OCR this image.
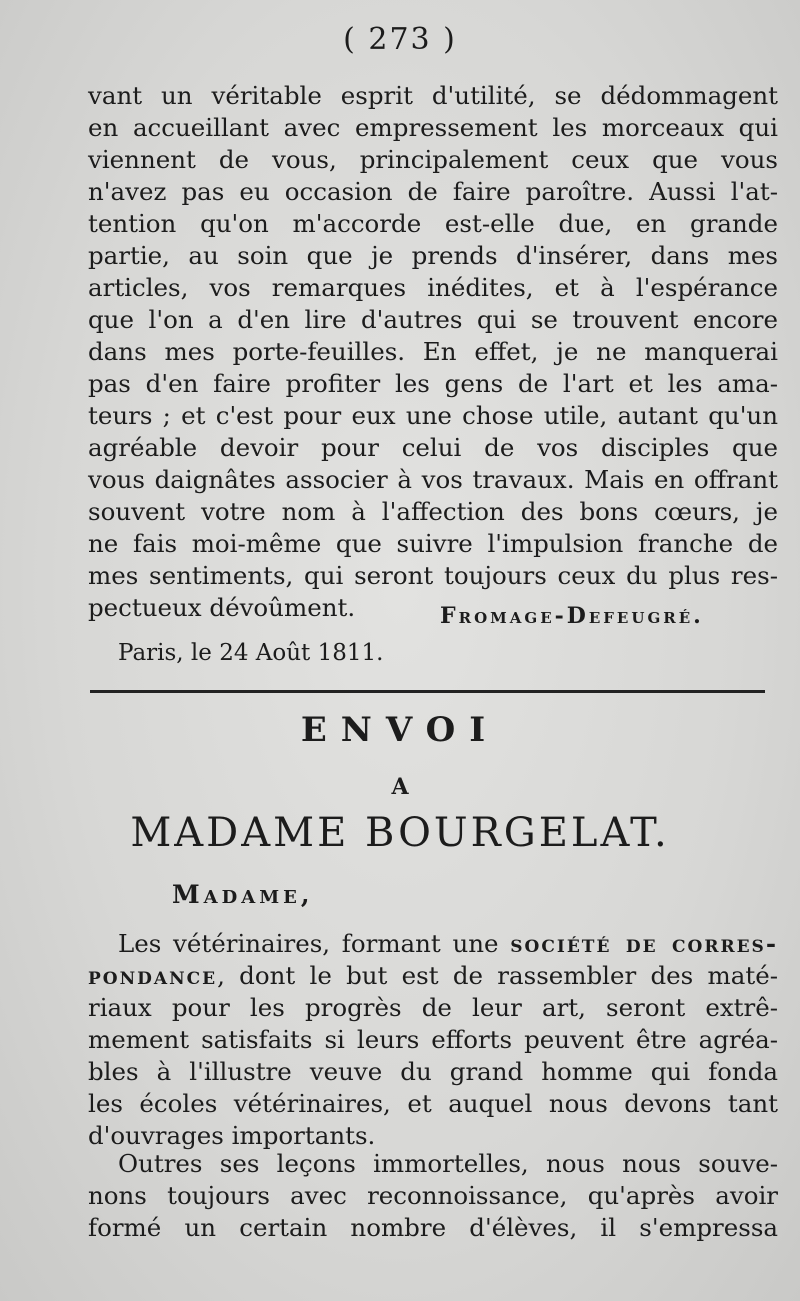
( 273 )
vant un véritable esprit d'utilité, se dédommagent
en accueillant avec empressement les morceaux qui
viennent de vous, principalement ceux que vous
n'avez pas eu occasion de faire paroître. Aussi l'at-
tention qu'on m'accorde est-elle due, en grande
partie, au soin que je prends d'insérer, dans mes
articles, vos remarques inédites, et à l'espérance
que l'on a d'en lire d'autres qui se trouvent encore
dans mes porte-feuilles. En effet, je ne manquerai
pas d'en faire profiter les gens de l'art et les ama-
teurs ; et c'est pour eux une chose utile, autant qu'un
agréable devoir pour celui de vos disciples que
vous daignâtes associer à vos travaux. Mais en offrant
souvent votre nom à l'affection des bons cœurs, je
ne fais moi-même que suivre l'impulsion franche de
mes sentiments, qui seront toujours ceux du plus res-
pectueux dévoûment.	Fromage-Defeugré.
Paris, le 24 Août 1811.
ENVOI
A
MADAME BOURGELAT.
Madame,
Les vétérinaires, formant une société de corres-
pondance, dont le but est de rassembler des maté-
riaux pour les progrès de leur art, seront extrê-
mement satisfaits si leurs efforts peuvent être agréa-
bles à l'illustre veuve du grand homme qui fonda
les écoles vétérinaires, et auquel nous devons tant
d'ouvrages importants.
Outres ses leçons immortelles, nous nous souve-
nons toujours avec reconnoissance, qu'après avoir
formé un certain nombre d'élèves, il s'empressa
